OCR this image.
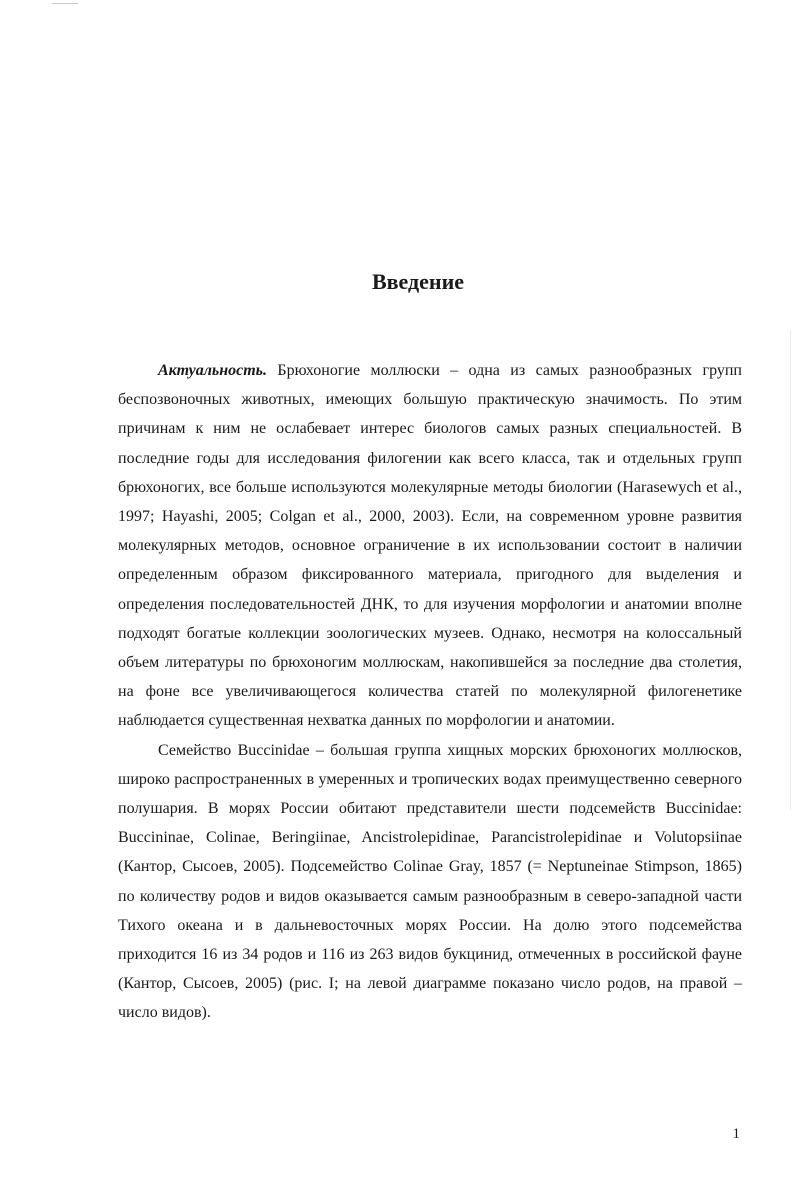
Введение

Актуальность. Брюхоногие моллюски – одна из самых разнообразных групп беспозвоночных животных, имеющих большую практическую значимость. По этим причинам к ним не ослабевает интерес биологов самых разных специальностей. В последние годы для исследования филогении как всего класса, так и отдельных групп брюхоногих, все больше используются молекулярные методы биологии (Harasewych et al., 1997; Hayashi, 2005; Colgan et al., 2000, 2003). Если, на современном уровне развития молекулярных методов, основное ограничение в их использовании состоит в наличии определенным образом фиксированного материала, пригодного для выделения и определения последовательностей ДНК, то для изучения морфологии и анатомии вполне подходят богатые коллекции зоологических музеев. Однако, несмотря на колоссальный объем литературы по брюхоногим моллюскам, накопившейся за последние два столетия, на фоне все увеличивающегося количества статей по молекулярной филогенетике наблюдается существенная нехватка данных по морфологии и анатомии.

Семейство Buccinidae – большая группа хищных морских брюхоногих моллюсков, широко распространенных в умеренных и тропических водах преимущественно северного полушария. В морях России обитают представители шести подсемейств Buccinidae: Buccininae, Colinae, Beringiinae, Ancistrolepidinae, Parancistrolepidinae и Volutopsiinae (Кантор, Сысоев, 2005). Подсемейство Colinae Gray, 1857 (= Neptuneinae Stimpson, 1865) по количеству родов и видов оказывается самым разнообразным в северо-западной части Тихого океана и в дальневосточных морях России. На долю этого подсемейства приходится 16 из 34 родов и 116 из 263 видов букцинид, отмеченных в российской фауне (Кантор, Сысоев, 2005) (рис. I; на левой диаграмме показано число родов, на правой – число видов).

1
